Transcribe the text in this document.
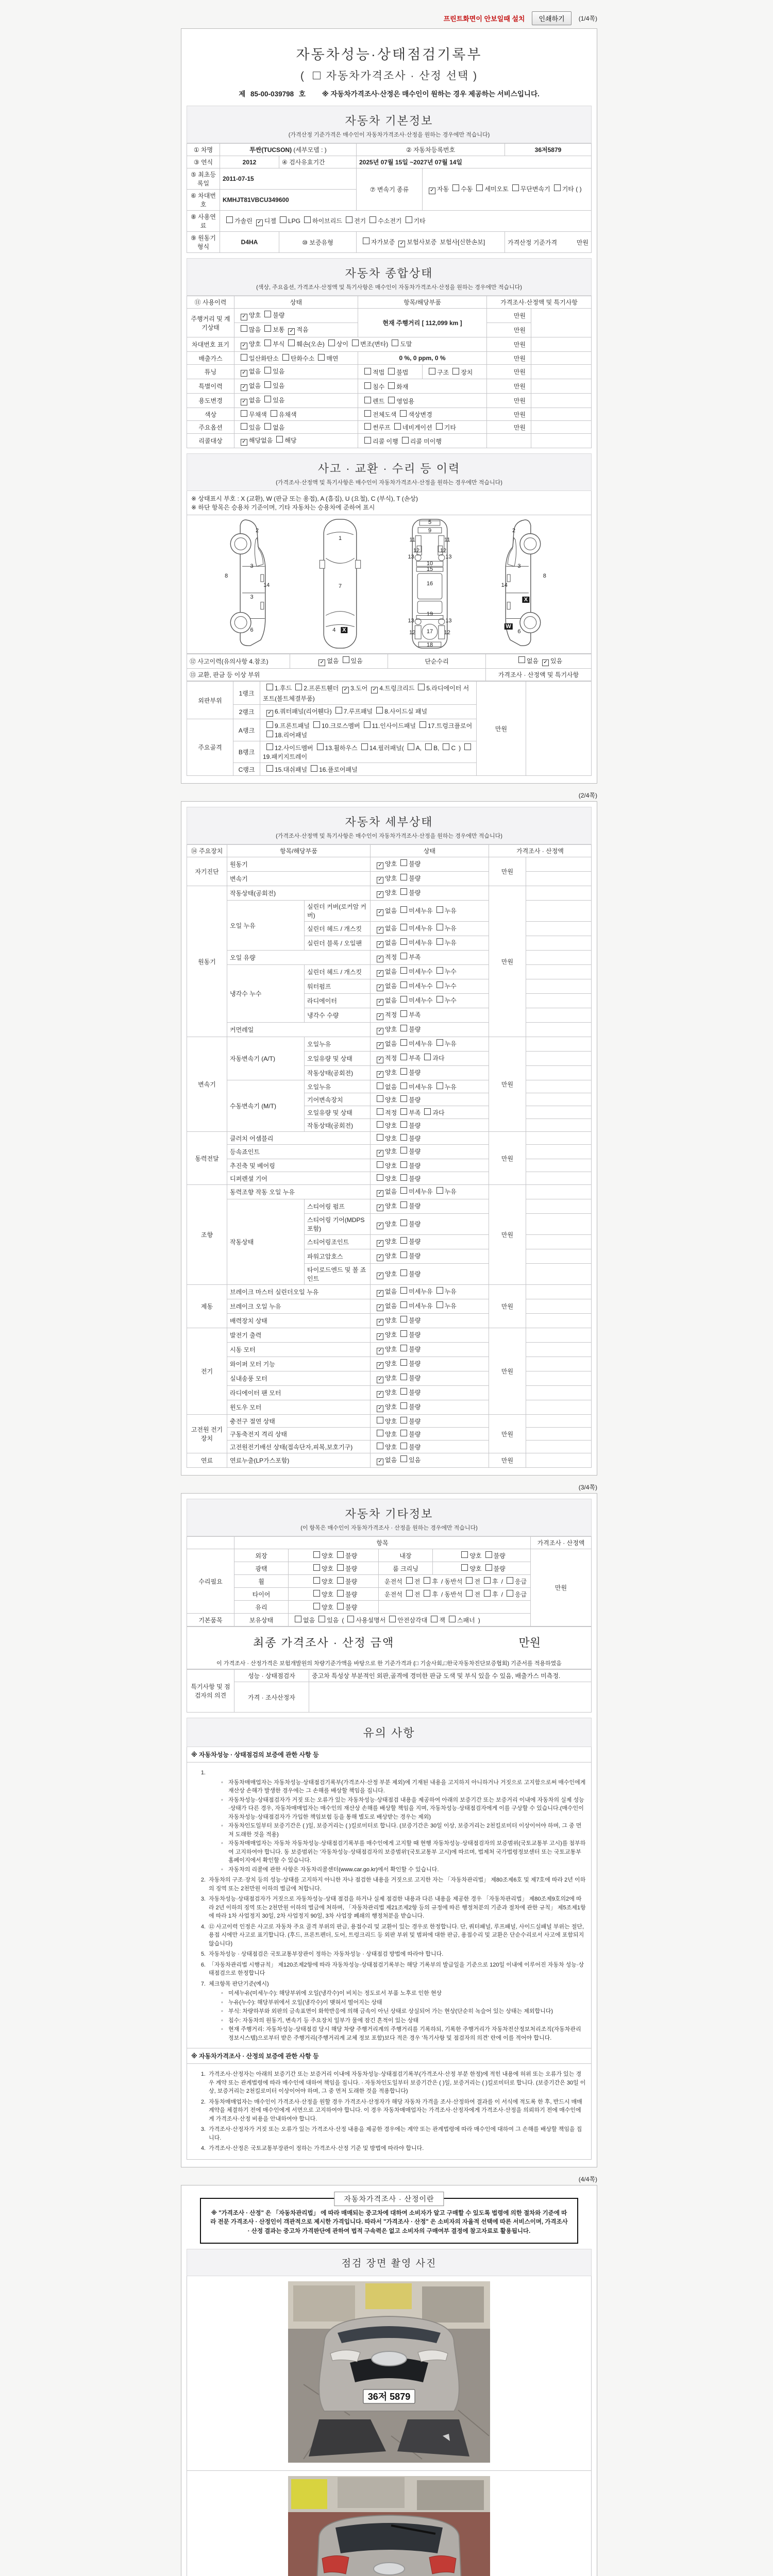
프린트화면이 안보일때 설치	인쇄하기	(1/4쪽)
자동차성능·상태점검기록부
( 자동차가격조사 · 산정 선택 )
제 85-00-039798 호 ※ 자동차가격조사·산정은 매수인이 원하는 경우 제공하는 서비스입니다.
자동차 기본정보
(가격산정 기준가격은 매수인이 자동차가격조사·산정을 원하는 경우에만 적습니다)
① 차명	투싼(TUCSON) (세부모델 : )		② 자동차등록번호		36저5879
③ 연식	2012	④ 검사유효기간	2025년 07월 15일 ~2027년 07월 14일		
⑤ 최초등록일	2011-07-15		⑦ 변속기 종류	✓ 자동 수동 세미오토 무단변속기 기타 ( )	
⑥ 차대번호	KMHJT81VBCU349600				
⑧ 사용연료	가솔린 ✓ 디젤 LPG 하이브리드 전기 수소전기 기타				
⑨ 원동기형식	D4HA	⑩ 보증유형	자가보증 ✓ 보험사보증 보험사[신한손보]		가격산정 기준가격 만원
자동차 종합상태
(색상, 주요옵션, 가격조사·산정액 및 특기사항은 매수인이 자동차가격조사·산정을 원하는 경우에만 적습니다)
⑪ 사용이력	상태	항목/해당부품		가격조사·산정액 및 특기사항	
주행거리 및 계기상태	✓ 양호 불량	현재 주행거리 [ 112,099 km ]		만원	
	많음 보통 ✓ 적음			만원	
차대번호 표기	✓ 양호 부식 훼손(오손) 상이 변조(변타) 도말			만원	
배출가스	일산화탄소 탄화수소 매연	0 %, 0 ppm, 0 %		만원	
튜닝	✓ 없음 있음	적법 불법	구조 장치	만원	
특별이력	✓ 없음 있음	침수 화재		만원	
용도변경	✓ 없음 있음	렌트 영업용		만원	
색상	무채색 유채색	전체도색 색상변경		만원	
주요옵션	있음 없음	썬루프 네비게이션 기타		만원	
리콜대상	✓ 해당없음 해당	리콜 이행 리콜 미이행			
사고 · 교환 · 수리 등 이력
(가격조사·산정액 및 특기사항은 매수인이 자동차가격조사·산정을 원하는 경우에만 적습니다)
※ 상태표시 부호 : X (교환), W (판금 또는 용접), A (흠집), U (요철), C (부식), T (손상)
※ 하단 항목은 승용차 기준이며, 기타 자동차는 승용차에 준하여 표시
2
3
8
14
3
6
1
7
4 X
5
9
11	11
12	12
13	13
10
15
16
19
13	13
12	12
17
18
2
3
8
14
X
W
6
⑫ 사고이력(유의사항 4.참조)	✓ 없음 있음	단순수리	없음 ✓ 있음
⑬ 교환, 판금 등 이상 부위			가격조사 · 산정액 및 특기사항
외판부위	1랭크	1.후드 2.프론트휀더 ✓ 3.도어 ✓ 4.트렁크리드 5.라디에이터 서포트(볼트체결부품)	만원	
	2랭크	✓ 6.쿼터패널(리어휀다) 7.루프패널 8.사이드실 패널		
주요골격	A랭크	9.프론트패널 10.크로스멤버 11.인사이드패널 17.트렁크플로어18.리어패널		
	B랭크	12.사이드멤버 13.휠하우스 14.필러패널( A, B, C )19.패키지트레이		
	C랭크	15.대쉬패널 16.플로어패널		
(2/4쪽)
자동차 세부상태
(가격조사·산정액 및 특기사항은 매수인이 자동차가격조사·산정을 원하는 경우에만 적습니다)
⑭ 주요장치	항목/해당부품		상태	가격조사 · 산정액	
자기진단	원동기		✓ 양호 불량	만원	
	변속기		✓ 양호 불량		
원동기	작동상태(공회전)		✓ 양호 불량	만원	
	오일 누유	실린더 커버(로커암 커버)	✓ 없음 미세누유 누유		
		실린더 헤드 / 개스킷	✓ 없음 미세누유 누유		
		실린더 블록 / 오일팬	✓ 없음 미세누유 누유		
	오일 유량		✓ 적정 부족		
	냉각수 누수	실린더 헤드 / 개스킷	✓ 없음 미세누수 누수		
		워터펌프	✓ 없음 미세누수 누수		
		라디에이터	✓ 없음 미세누수 누수		
		냉각수 수량	✓ 적정 부족		
	커먼레일		✓ 양호 불량		
변속기	자동변속기 (A/T)	오일누유	✓ 없음 미세누유 누유	만원	
		오일유량 및 상태	✓ 적정 부족 과다		
		작동상태(공회전)	✓ 양호 불량		
	수동변속기 (M/T)	오일누유	없음 미세누유 누유		
		기어변속장치	양호 불량		
		오일유량 및 상태	적정 부족 과다		
		작동상태(공회전)	양호 불량		
동력전달	클러치 어셈블리		양호 불량	만원	
	등속죠인트		✓ 양호 불량		
	추진축 및 베어링		양호 불량		
	디퍼렌셜 기어		양호 불량		
조향	동력조향 작동 오일 누유		✓ 없음 미세누유 누유	만원	
	작동상태	스티어링 펌프	✓ 양호 불량		
		스티어링 기어(MDPS포함)	✓ 양호 불량		
		스티어링조인트	✓ 양호 불량		
		파워고압호스	✓ 양호 불량		
		타이로드엔드 및 볼 죠인트	✓ 양호 불량		
제동	브레이크 마스터 실린더오일 누유		✓ 없음 미세누유 누유	만원	
	브레이크 오일 누유		✓ 없음 미세누유 누유		
	배력장치 상태		✓ 양호 불량		
전기	발전기 출력		✓ 양호 불량	만원	
	시동 모터		✓ 양호 불량		
	와이퍼 모터 기능		✓ 양호 불량		
	실내송풍 모터		✓ 양호 불량		
	라디에이터 팬 모터		✓ 양호 불량		
	윈도우 모터		✓ 양호 불량		
고전원 전기장치	충전구 절연 상태		양호 불량	만원	
	구동축전지 격리 상태		양호 불량		
	고전원전기배선 상태(접속단자,피복,보호기구)		양호 불량		
연료	연료누출(LP가스포함)		✓ 없음 있음	만원	
(3/4쪽)
자동차 기타정보
(이 항목은 매수인이 자동차가격조사 · 산정을 원하는 경우에만 적습니다)
	항목				가격조사 · 산정액
수리필요	외장	양호 불량	내장	양호 불량	만원
	광택	양호 불량	룸 크리닝	양호 불량	
	휠	양호 불량	운전석 전 후 / 동반석 전 후 / 응급		
	타이어	양호 불량	운전석 전 후 / 동반석 전 후 / 응급		
	유리	양호 불량			
기본품목	보유상태	없음 있음 ( 사용설명서 안전삼각대 잭 스패너 )			
최종 가격조사 · 산정 금액	만원

이 가격조사 · 산정가격은 보험개발원의 차량기준가액을 바탕으로 한 기준가격과 (□ 기술사회,□한국자동차진단보증협회) 기준서를 적용하였음
특기사항 및 점검자의 의견	성능 · 상태점검자	중고차 특성상 부분적인 외판,골격에 경미한 판금 도색 및 부식 있을 수 있음, 배출가스 미측정.
	가격 · 조사산정자	
유의 사항
※ 자동차성능 · 상태점검의 보증에 관한 사항 등
1.
◦ 자동차매매업자는 자동차성능·상태점검기록부(가격조사·산정 부분 제외)에 기재된 내용을 고지하지 아니하거나 거짓으로 고지함으로써 매수인에게 재산상 손해가 발생한 경우에는 그 손해를 배상할 책임을 집니다.
◦ 자동차성능·상태점검자가 거짓 또는 오류가 있는 자동차성능·상태점검 내용을 제공하여 아래의 보증기간 또는 보증거리 이내에 자동차의 실제 성능·상태가 다른 경우, 자동차매매업자는 매수인의 재산상 손해를 배상할 책임을 지며, 자동차성능·상태점검자에게 이를 구상할 수 있습니다.(매수인이 자동차성능·상태점검자가 가입한 책임보험 등을 통해 별도로 배상받는 경우는 제외)
◦ 자동차인도일부터 보증기간은 ( )일, 보증거리는 ( )킬로미터로 합니다. (보증기간은 30일 이상, 보증거리는 2천킬로미터 이상이어야 하며, 그 중 먼저 도래한 것을 적용)
◦ 자동차매매업자는 자동차 자동차성능·상태점검기록부를 매수인에게 고지할 때 현행 자동차성능·상태점검자의 보증범위(국토교통부 고시)를 첨부하여 고지하여야 합니다. 동 보증범위는 '자동차성능·상태점검자의 보증범위'(국토교통부 고시)에 따르며, 법제처 국가법령정보센터 또는 국토교통부 홈페이지에서 확인할 수 있습니다.
◦ 자동차의 리콜에 관한 사항은 자동차리콜센터(www.car.go.kr)에서 확인할 수 있습니다.
2. 자동차의 구조·장치 등의 성능·상태를 고지하지 아니한 자나 점검한 내용을 거짓으로 고지한 자는 「자동차관리법」 제80조제6호 및 제7호에 따라 2년 이하의 징역 또는 2천만원 이하의 벌금에 처합니다.
3. 자동차성능·상태점검자가 거짓으로 자동차성능·상태 점검을 하거나 실제 점검한 내용과 다른 내용을 제공한 경우 「자동차관리법」 제80조제9호의2에 따라 2년 이하의 징역 또는 2천만원 이하의 벌금에 처하며, 「자동차관리법 제21조제2항 등의 규정에 따른 행정처분의 기준과 절차에 관한 규칙」 제5조제1항에 따라 1차 사업정지 30일, 2차 사업정지 90일, 3차 사업장 폐쇄의 행정처분을 받습니다.
4. ⑫ 사고이력 인정은 사고로 자동차 주요 골격 부위의 판금, 용접수리 및 교환이 있는 경우로 한정합니다. 단, 쿼터패널, 루프패널, 사이드실패널 부위는 절단, 용접 시에만 사고로 표기합니다. (후드, 프론트펜더, 도어, 트렁크리드 등 외판 부위 및 범퍼에 대한 판금, 용접수리 및 교환은 단순수리로서 사고에 포함되지 않습니다)
5. 자동차성능 · 상태점검은 국토교통부장관이 정하는 자동차성능 · 상태점검 방법에 따라야 합니다.
6. 「자동차관리법 시행규칙」 제120조제2항에 따라 자동차성능·상태점검기록부는 해당 기록부의 발급일을 기준으로 120일 이내에 이루어진 자동차 성능·상태점검으로 한정합니다
7. 체크항목 판단기준(예시)
◦ 미세누유(미세누수): 해당부위에 오일(냉각수)이 비치는 정도로서 부품 노후로 인한 현상
◦ 누유(누수): 해당부위에서 오일(냉각수)이 맺혀서 떨어지는 상태
◦ 부식: 차량하부와 외판의 금속표면이 화학반응에 의해 금속이 아닌 상태로 상실되어 가는 현상(단순히 녹슬어 있는 상태는 제외합니다)
◦ 침수: 자동차의 원동기, 변속기 등 주요장치 일부가 물에 잠긴 흔적이 있는 상태
◦ 현재 주행거리: 자동차성능·상태점검 당시 해당 차량 주행거리계의 주행거리를 기록하되, 기록한 주행거리가 자동차전산정보처리조직(자동차관리정보시스템)으로부터 받은 주행거리(주행거리계 교체 정보 포함)보다 적은 경우 '특기사항 및 점검자의 의견' 란에 이를 적어야 합니다.
※ 자동차가격조사 · 산정의 보증에 관한 사항 등
1. 가격조사·산정자는 아래의 보증기간 또는 보증거리 이내에 자동차성능·상태점검기록부(가격조사·산정 부분 한정)에 적힌 내용에 허위 또는 오류가 있는 경우 계약 또는 관계법령에 따라 매수인에 대하여 책임을 집니다. · 자동차인도일부터 보증기간은 ( )일, 보증거리는 ( )킬로미터로 합니다. (보증기간은 30일 이상, 보증거리는 2천킬로미터 이상이어야 하며, 그 중 먼저 도래한 것을 적용합니다)
2. 자동차매매업자는 매수인이 가격조사·산정을 원할 경우 가격조사·산정자가 해당 자동차 가격을 조사·산정하여 결과를 이 서식에 적도록 한 후, 반드시 매매계약을 체결하기 전에 매수인에게 서면으로 고지하여야 합니다. 이 경우 자동차매매업자는 가격조사·산정자에게 가격조사·산정을 의뢰하기 전에 매수인에게 가격조사·산정 비용을 안내하여야 합니다.
3. 가격조사·산정자가 거짓 또는 오류가 있는 가격조사·산정 내용을 제공한 경우에는 계약 또는 관계법령에 따라 매수인에 대하여 그 손해를 배상할 책임을 집니다.
4. 가격조사·산정은 국토교통부장관이 정하는 가격조사·산정 기준 및 방법에 따라야 합니다.
(4/4쪽)
자동차가격조사 · 산정이란
※ "가격조사 · 산정" 은 「자동차관리법」 에 따라 매매되는 중고차에 대하여 소비자가 알고 구매할 수 있도록 법령에 의한 절차와 기준에 따라 전문 가격조사 · 산정인이 객관적으로 제시한 가격입니다. 따라서 "가격조사 · 산정" 은 소비자의 자율적 선택에 따른 서비스이며, 가격조사 · 산정 결과는 중고차 가격판단에 관하여 법적 구속력은 없고 소비자의 구매여부 결정에 참고자료로 활용됩니다.
점검 장면 촬영 사진
36저 5879
